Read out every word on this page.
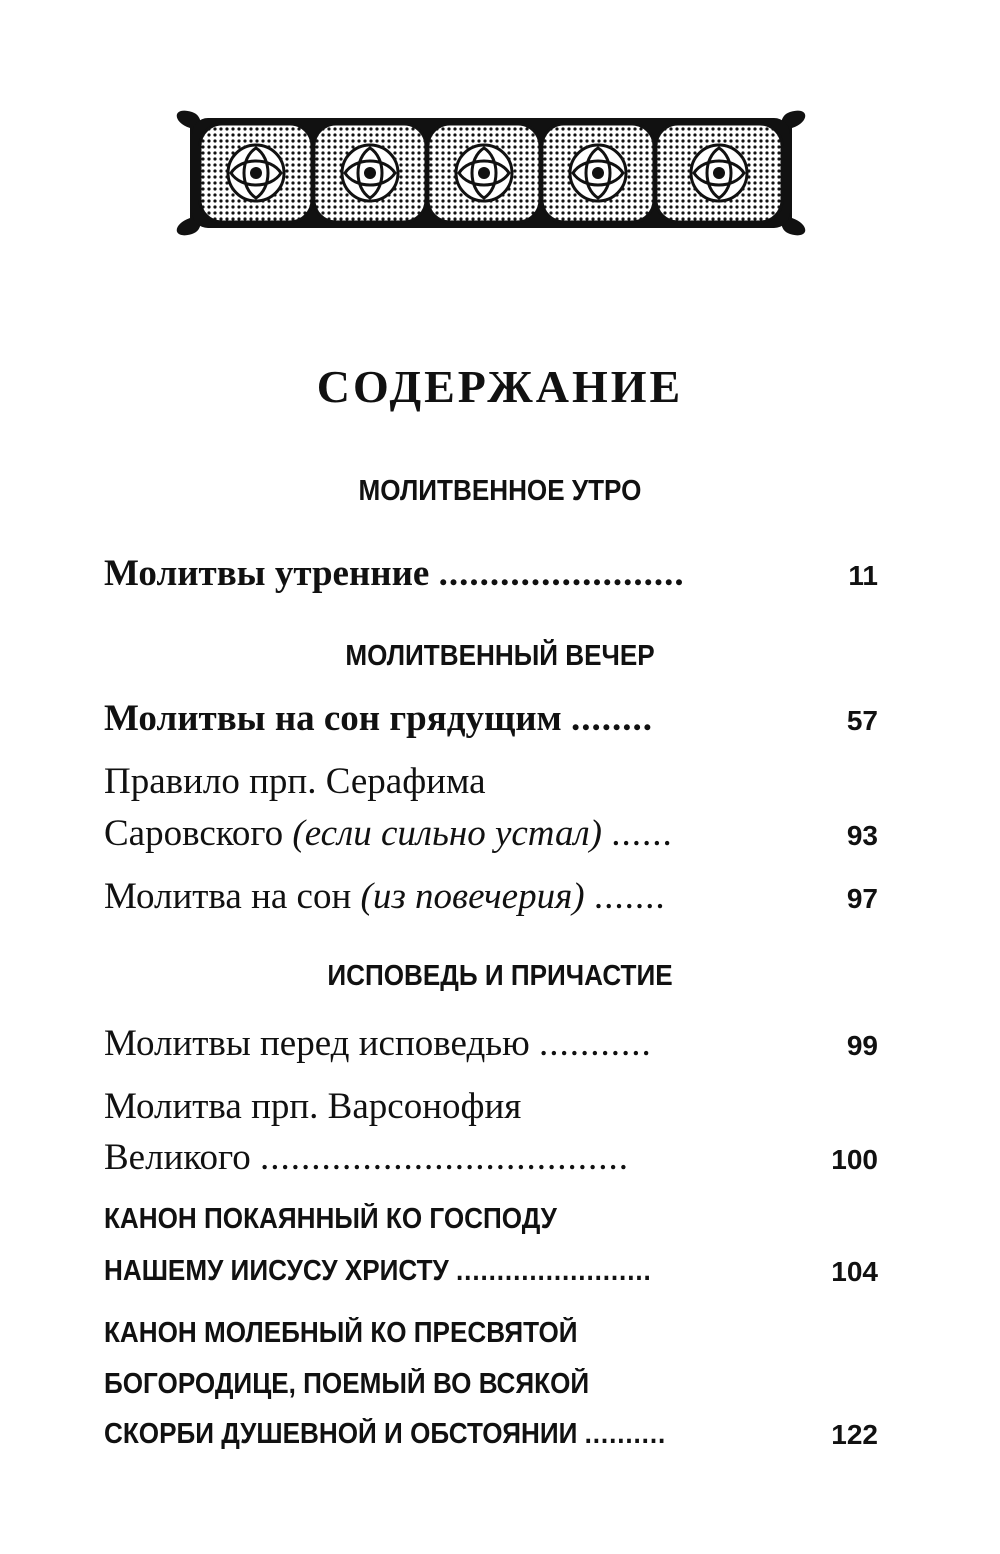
СОДЕРЖАНИЕ
МОЛИТВЕННОЕ УТРО
Молитвы утренние ........................	11
МОЛИТВЕННЫЙ ВЕЧЕР
Молитвы на сон грядущим ........	57
Правило прп. Серафима
Саровского (если сильно устал) ......	93
Молитва на сон (из повечерия) .......	97
ИСПОВЕДЬ И ПРИЧАСТИЕ
Молитвы перед исповедью ...........	99
Молитва прп. Варсонофия
Великого ....................................	100
КАНОН ПОКАЯННЫЙ КО ГОСПОДУ
НАШЕМУ ИИСУСУ ХРИСТУ ........................	104
КАНОН МОЛЕБНЫЙ КО ПРЕСВЯТОЙ
БОГОРОДИЦЕ, ПОЕМЫЙ ВО ВСЯКОЙ
СКОРБИ ДУШЕВНОЙ И ОБСТОЯНИИ ..........	122
